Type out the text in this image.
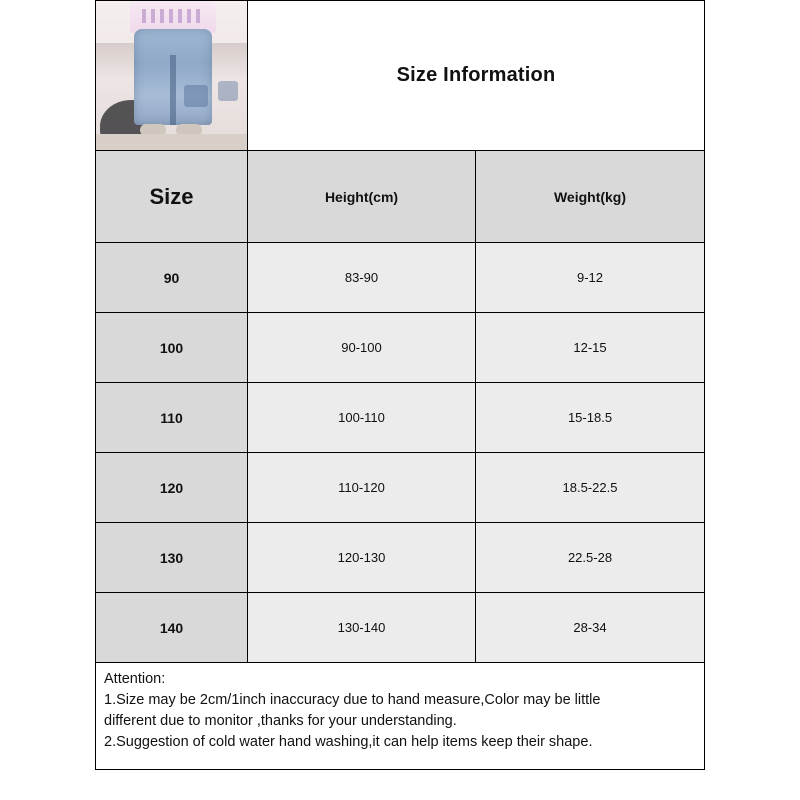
Size Information
Size	Height(cm)	Weight(kg)
90	83-90	9-12
100	90-100	12-15
110	100-110	15-18.5
120	110-120	18.5-22.5
130	120-130	22.5-28
140	130-140	28-34

Attention:

1.Size may be 2cm/1inch inaccuracy due to hand measure,Color may be little

different due to monitor ,thanks for your understanding.

2.Suggestion of cold water hand washing,it can help items keep their shape.
